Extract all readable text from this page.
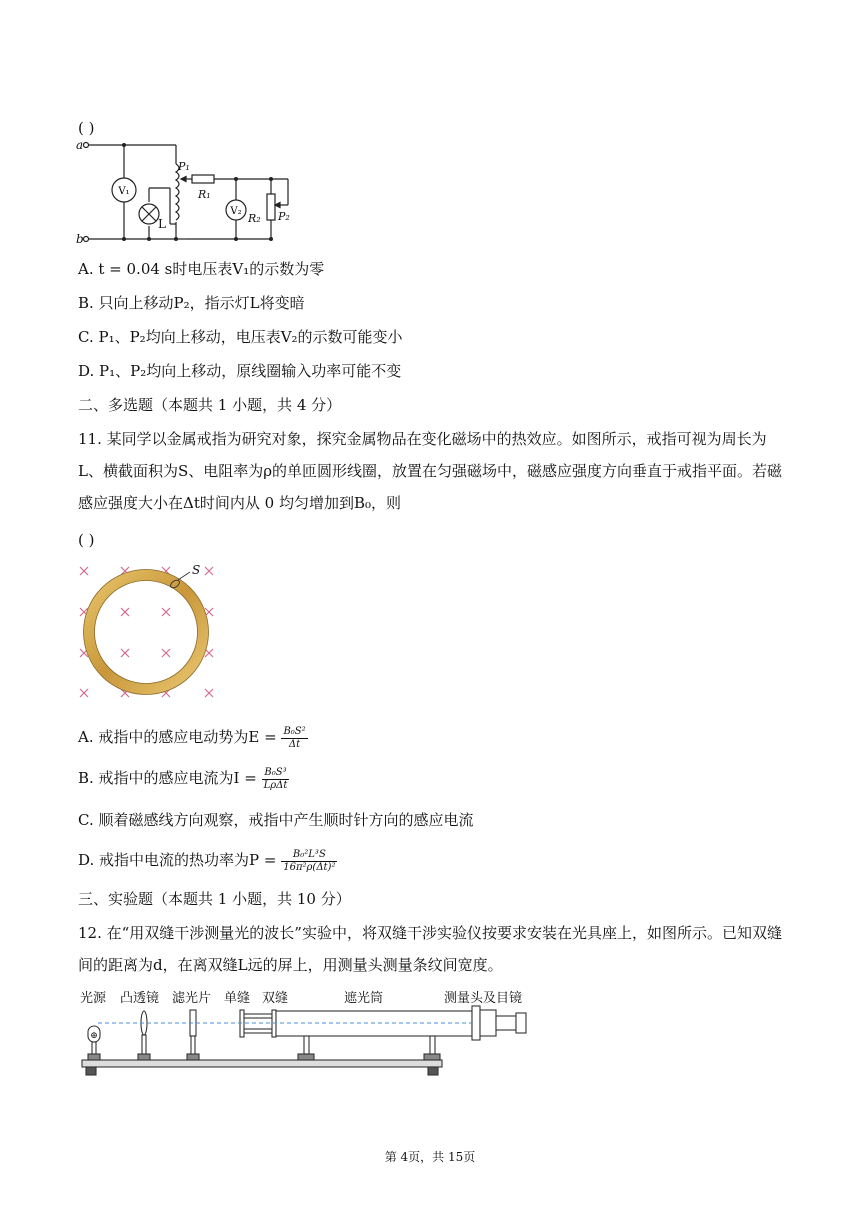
( )
V₁
V₂
a
b
P₁
R₁
L	R₂ P₂
A. t = 0.04 s时电压表V₁的示数为零
B. 只向上移动P₂，指示灯L将变暗
C. P₁、P₂均向上移动，电压表V₂的示数可能变小
D. P₁、P₂均向上移动，原线圈输入功率可能不变
二、多选题（本题共 1 小题，共 4 分）
11. 某同学以金属戒指为研究对象，探究金属物品在变化磁场中的热效应。如图所示，戒指可视为周长为L、横截面积为S、电阻率为ρ的单匝圆形线圈，放置在匀强磁场中，磁感应强度方向垂直于戒指平面。若磁感应强度大小在Δt时间内从 0 均匀增加到B₀，则
( )
S
A. 戒指中的感应电动势为$E = \frac{\text{B₀S²}}{\Delta t}$
B. 戒指中的感应电流为$I = \frac{\text{B₀S³}}{\text{LρΔt}}$
C. 顺着磁感线方向观察，戒指中产生顺时针方向的感应电流
D. 戒指中电流的热功率为$P = \frac{\text{B₀²L³S}}{\text{16π²ρ(Δt)²}}$
三、实验题（本题共 1 小题，共 10 分）
12. 在“用双缝干涉测量光的波长”实验中，将双缝干涉实验仪按要求安装在光具座上，如图所示。已知双缝间的距离为d，在离双缝L远的屏上，用测量头测量条纹间宽度。
光源 凸透镜 滤光片 单缝 双缝	遮光筒	测量头及目镜
⊕
第 4页，共 15页
